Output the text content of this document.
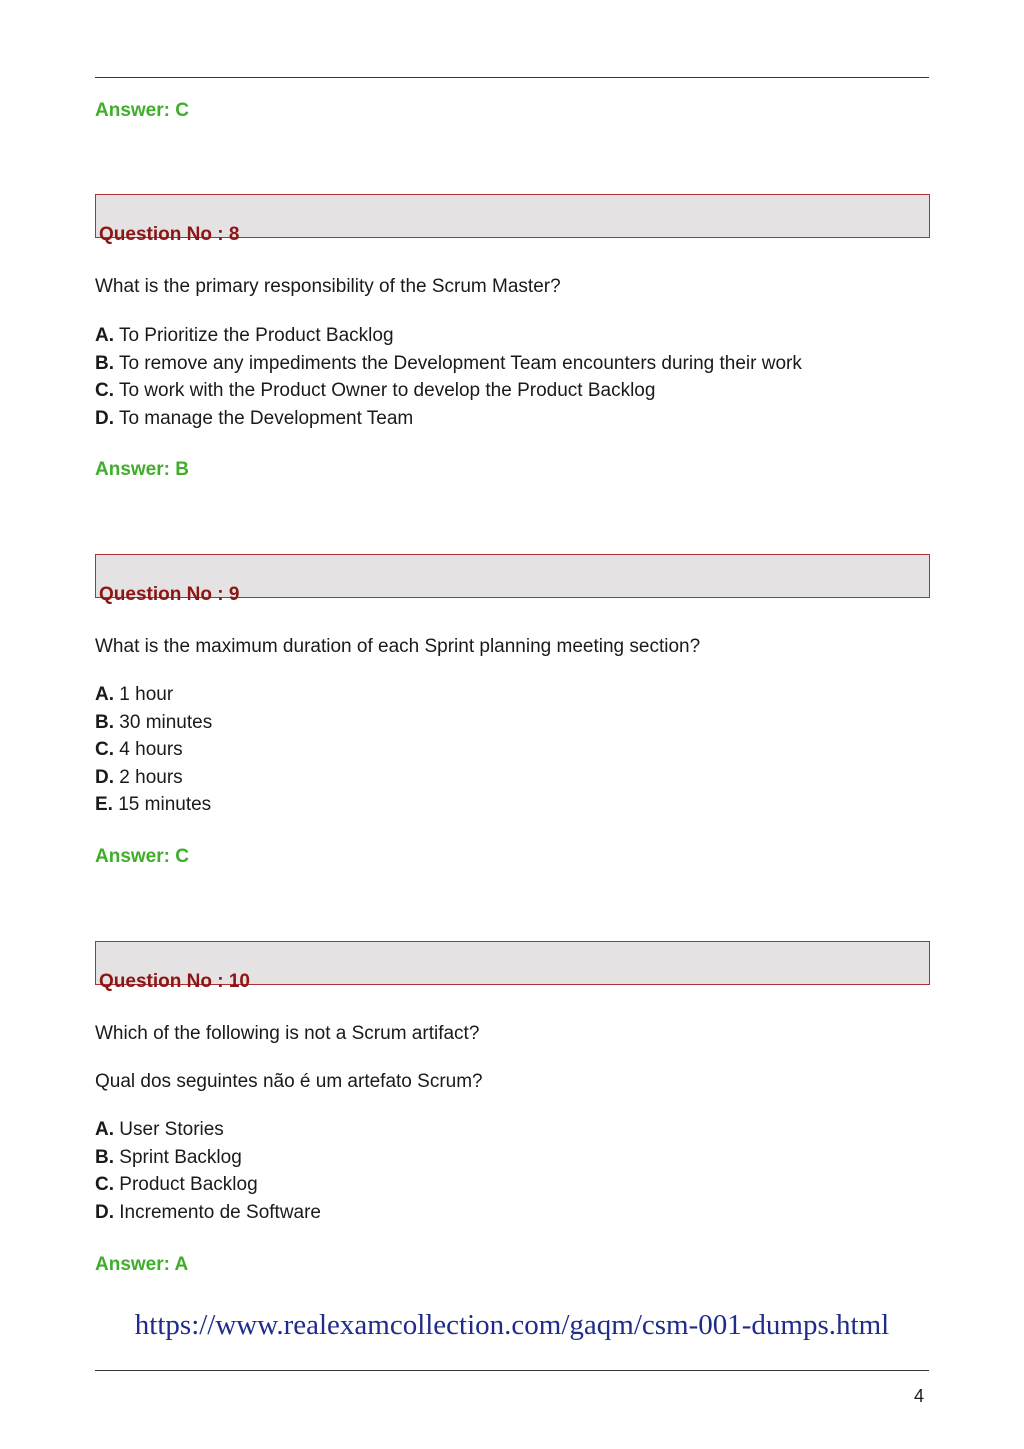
Answer: C
Question No : 8
What is the primary responsibility of the Scrum Master?
A. To Prioritize the Product Backlog
B. To remove any impediments the Development Team encounters during their work
C. To work with the Product Owner to develop the Product Backlog
D. To manage the Development Team
Answer: B
Question No : 9
What is the maximum duration of each Sprint planning meeting section?
A. 1 hour
B. 30 minutes
C. 4 hours
D. 2 hours
E. 15 minutes
Answer: C
Question No : 10
Which of the following is not a Scrum artifact?
Qual dos seguintes não é um artefato Scrum?
A. User Stories
B. Sprint Backlog
C. Product Backlog
D. Incremento de Software
Answer: A
https://www.realexamcollection.com/gaqm/csm-001-dumps.html
4
